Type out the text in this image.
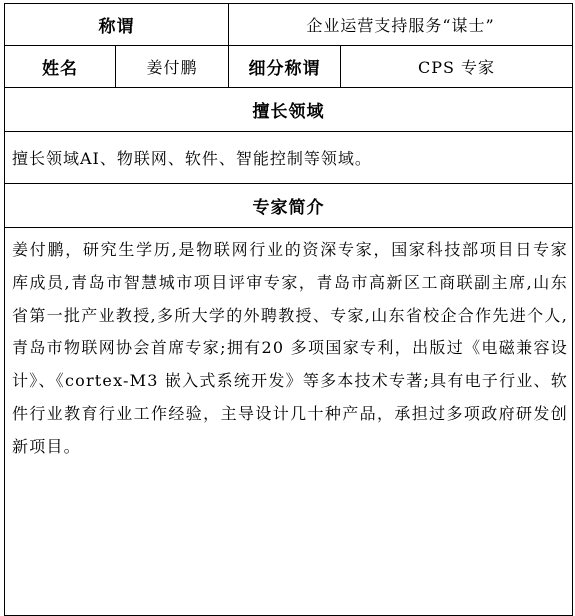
称谓		企业运营支持服务“谋士”	
姓名	姜付鹏	细分称谓	CPS 专家
擅长领域			
擅长领域AI、物联网、软件、智能控制等领域。			
专家简介			
姜付鹏，研究生学历,是物联网行业的资深专家，国家科技部项目日专家库成员,青岛市智慧城市项目评审专家，青岛市高新区工商联副主席,山东省第一批产业教授,多所大学的外聘教授、专家,山东省校企合作先进个人,青岛市物联网协会首席专家;拥有20 多项国家专利，出版过《电磁兼容设计》、《cortex-M3 嵌入式系统开发》等多本技术专著;具有电子行业、软件行业教育行业工作经验，主导设计几十种产品，承担过多项政府研发创新项目。			
